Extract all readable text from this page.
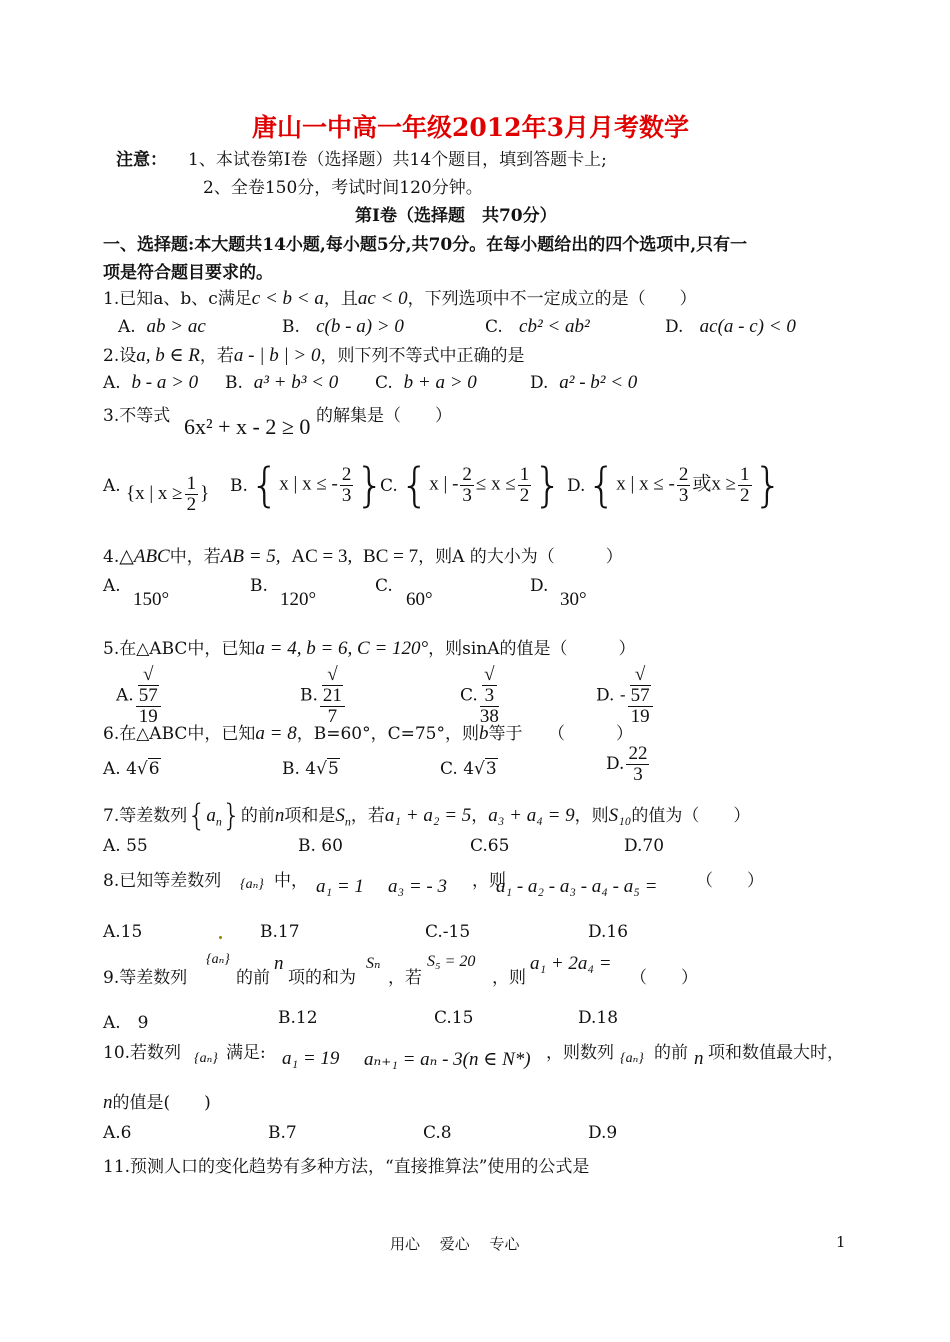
唐山一中高一年级2012年3月月考数学
注意： 1、本试卷第Ⅰ卷（选择题）共14个题目，填到答题卡上;
2、全卷150分，考试时间120分钟。
第Ⅰ卷（选择题　共70分）
一、选择题:本大题共14小题,每小题5分,共70分。在每小题给出的四个选项中,只有一
项是符合题目要求的。
1.已知a、b、c满足c < b < a，且ac < 0，下列选项中不一定成立的是（　　）
A. ab > ac	B. c(b - a) > 0	C. cb² < ab²	D. ac(a - c) < 0
2.设a, b ∈ R，若a - | b | > 0，则下列不等式中正确的是
A. b - a > 0 B. a³ + b³ < 0 C. b + a > 0	D. a² - b² < 0
3.不等式 6x² + x - 2 ≥ 0 的解集是（　　）
A. {x | $x \ge \frac{1}{2}$ } B. {x | x ≤ - $\frac{2}{3}$ }
C. {x | - $\frac{2}{3} \le x \le \frac{1}{2}$ } D. {x | x ≤ - $\frac{2}{3}$ 或$x \ge \frac{1}{2}$ }
4.△ABC中，若AB = 5, AC = 3, BC = 7，则A 的大小为（　　　）
A.
150°
B.
120°
C.
60°
D.
30°
5.在△ABC中，已知a = 4, b = 6, C = 120°，则sinA的值是（　　　）
A. √
57
19	B. √
21
7	C. √
3
38	D. - √
57
19
6.在△ABC中，已知a = 8，B=60°，C=75°，则b等于　　（　　　）
A. 4√6	B. 4√5	C. 4√3	D. $\frac{22}{3}$
7.等差数列$\{a_n\}$的前n项和是$S_n$，若a₁ + a₂ = 5，a₃ + a₄ = 9，则S₁₀的值为（　　）
A. 55	B. 60	C.65	D.70
8.已知等差数列 {aₙ} 中， a₁ = 1 a₃ = - 3 ，则
a₁ - a₂ - a₃ - a₄ - a₅ = （　　）
A.15	B.17	C.-15	D.16
9.等差数列
{aₙ}
的前
n
项的和为
Sₙ
，若
S₅ = 20
，则
a₁ + 2a₄ =
（　　）
A.　9	B.12	C.15	D.18
10.若数列 {aₙ} 满足: a₁ = 19 aₙ₊₁ = aₙ - 3(n ∈ N*) ，则数列 {aₙ} 的前 n 项和数值最大时，
n的值是(　　)
A.6	B.7	C.8	D.9
11.预测人口的变化趋势有多种方法，“直接推算法”使用的公式是
用心　 爱心　 专心	1
